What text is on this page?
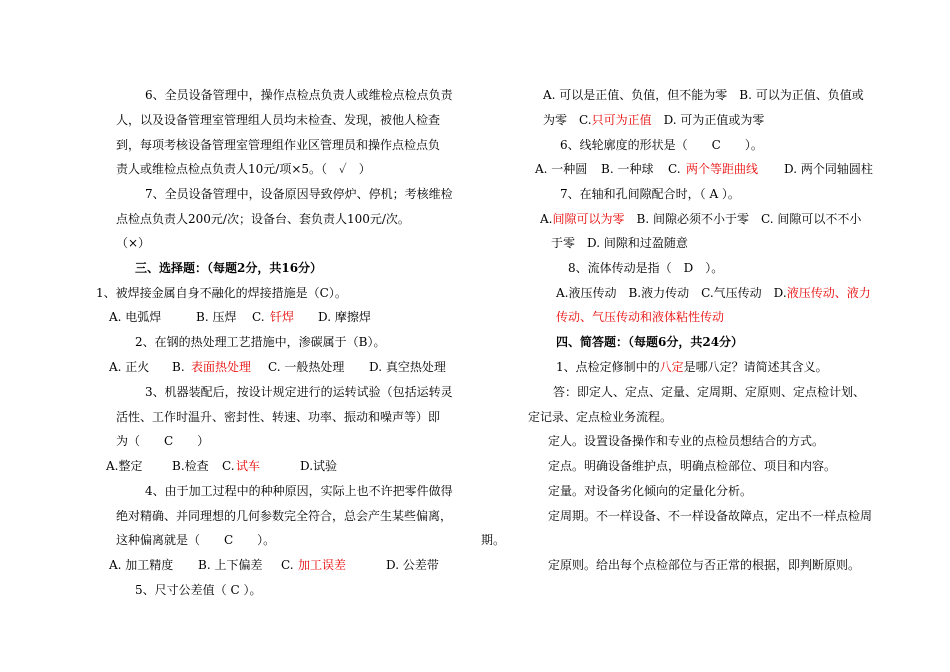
6、全员设备管理中，操作点检点负责人或维检点检点负责
人，以及设备管理室管理组人员均未检查、发现，被他人检查
到，每项考核设备管理室管理组作业区管理员和操作点检点负
责人或维检点检点负责人10元/项×5。（　✓　）
7、全员设备管理中，设备原因导致停炉、停机；考核维检
点检点负责人200元/次；设备台、套负责人100元/次。
（×）
三、选择题：（每题2分，共16分）
1、被焊接金属自身不融化的焊接措施是（C）。
A. 电弧焊	B. 压焊 C. 钎焊 D. 摩擦焊
2、在钢的热处理工艺措施中，渗碳属于（B）。
A. 正火 B. 表面热处理 C. 一般热处理 D. 真空热处理
3、机器装配后，按设计规定进行的运转试验（包括运转灵
活性、工作时温升、密封性、转速、功率、振动和噪声等）即
为（　　C　　）
A.整定 B.检查 C. 试车	D.试验
4、由于加工过程中的种种原因，实际上也不许把零件做得
绝对精确、并同理想的几何参数完全符合，总会产生某些偏离，
这种偏离就是（　　C　　）。	期。
A. 加工精度 B. 上下偏差 C. 加工误差	D. 公差带
5、尺寸公差值（ C ）。
A. 可以是正值、负值，但不能为零　B. 可以为正值、负值或
为零　C.只可为正值　D. 可为正值或为零
6、线轮廓度的形状是（　　C　　）。
A. 一种圆 B. 一种球 C. 两个等距曲线 D. 两个同轴圆柱
7、在轴和孔间隙配合时，（ A ）。
A.间隙可以为零　B. 间隙必须不小于零　C. 间隙可以不不小
于零　D. 间隙和过盈随意
8、流体传动是指（　D　）。
A.液压传动　B.液力传动　C.气压传动　D.液压传动、液力
传动、气压传动和液体粘性传动
四、简答题：（每题6分，共24分）
1、点检定修制中的八定是哪八定？请简述其含义。
答：即定人、定点、定量、定周期、定原则、定点检计划、
定记录、定点检业务流程。
定人。设置设备操作和专业的点检员想结合的方式。
定点。明确设备维护点，明确点检部位、项目和内容。
定量。对设备劣化倾向的定量化分析。
定周期。不一样设备、不一样设备故障点，定出不一样点检周
定原则。给出每个点检部位与否正常的根据，即判断原则。
